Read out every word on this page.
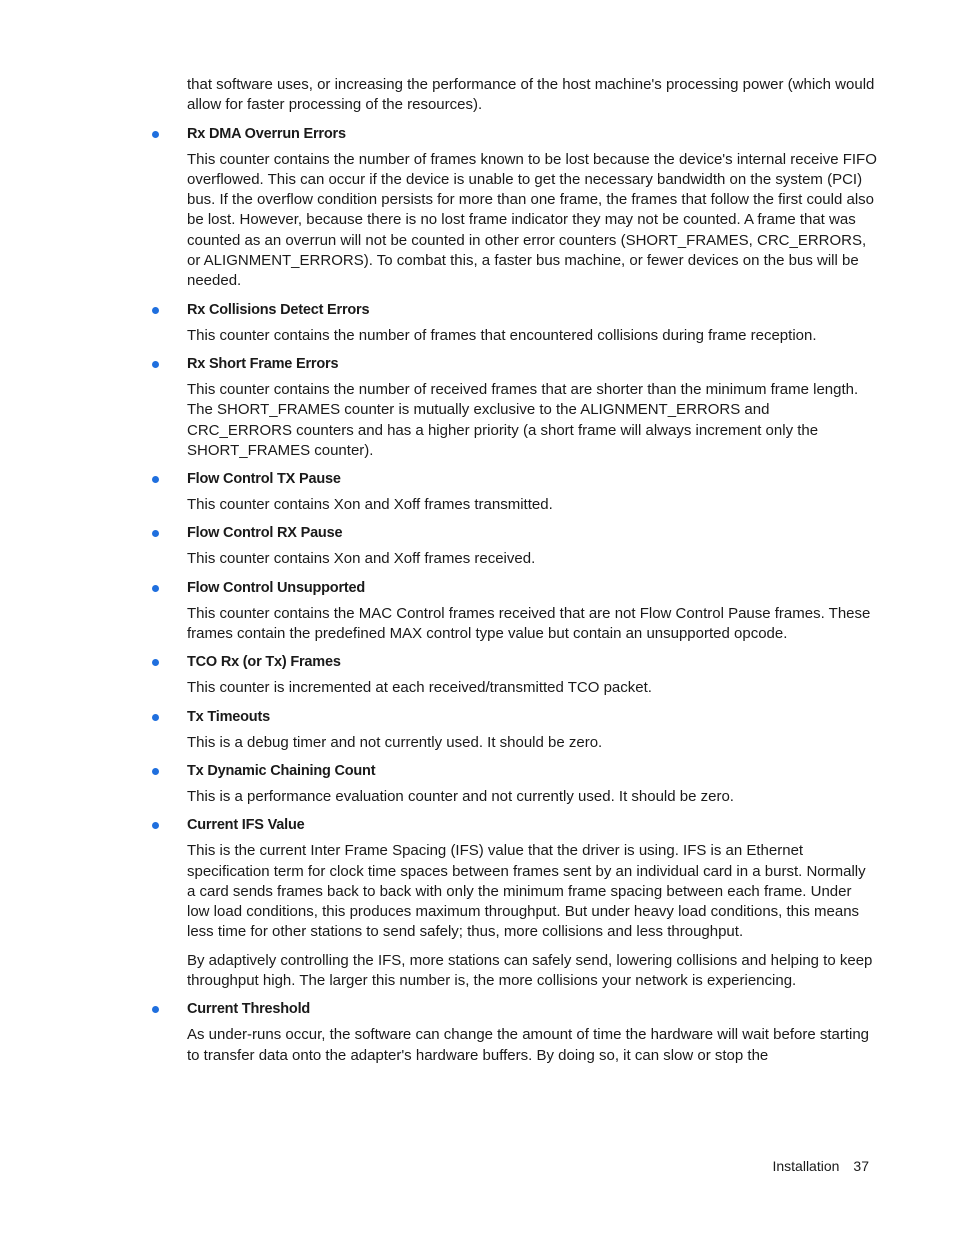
that software uses, or increasing the performance of the host machine's processing power (which would allow for faster processing of the resources).

Rx DMA Overrun Errors

This counter contains the number of frames known to be lost because the device's internal receive FIFO overflowed. This can occur if the device is unable to get the necessary bandwidth on the system (PCI) bus. If the overflow condition persists for more than one frame, the frames that follow the first could also be lost. However, because there is no lost frame indicator they may not be counted. A frame that was counted as an overrun will not be counted in other error counters (SHORT_FRAMES, CRC_ERRORS, or ALIGNMENT_ERRORS). To combat this, a faster bus machine, or fewer devices on the bus will be needed.

Rx Collisions Detect Errors

This counter contains the number of frames that encountered collisions during frame reception.

Rx Short Frame Errors

This counter contains the number of received frames that are shorter than the minimum frame length. The SHORT_FRAMES counter is mutually exclusive to the ALIGNMENT_ERRORS and CRC_ERRORS counters and has a higher priority (a short frame will always increment only the SHORT_FRAMES counter).

Flow Control TX Pause

This counter contains Xon and Xoff frames transmitted.

Flow Control RX Pause

This counter contains Xon and Xoff frames received.

Flow Control Unsupported

This counter contains the MAC Control frames received that are not Flow Control Pause frames. These frames contain the predefined MAX control type value but contain an unsupported opcode.

TCO Rx (or Tx) Frames

This counter is incremented at each received/transmitted TCO packet.

Tx Timeouts

This is a debug timer and not currently used. It should be zero.

Tx Dynamic Chaining Count

This is a performance evaluation counter and not currently used. It should be zero.

Current IFS Value

This is the current Inter Frame Spacing (IFS) value that the driver is using. IFS is an Ethernet specification term for clock time spaces between frames sent by an individual card in a burst. Normally a card sends frames back to back with only the minimum frame spacing between each frame. Under low load conditions, this produces maximum throughput. But under heavy load conditions, this means less time for other stations to send safely; thus, more collisions and less throughput.

By adaptively controlling the IFS, more stations can safely send, lowering collisions and helping to keep throughput high. The larger this number is, the more collisions your network is experiencing.

Current Threshold

As under-runs occur, the software can change the amount of time the hardware will wait before starting to transfer data onto the adapter's hardware buffers. By doing so, it can slow or stop the

Installation 37
